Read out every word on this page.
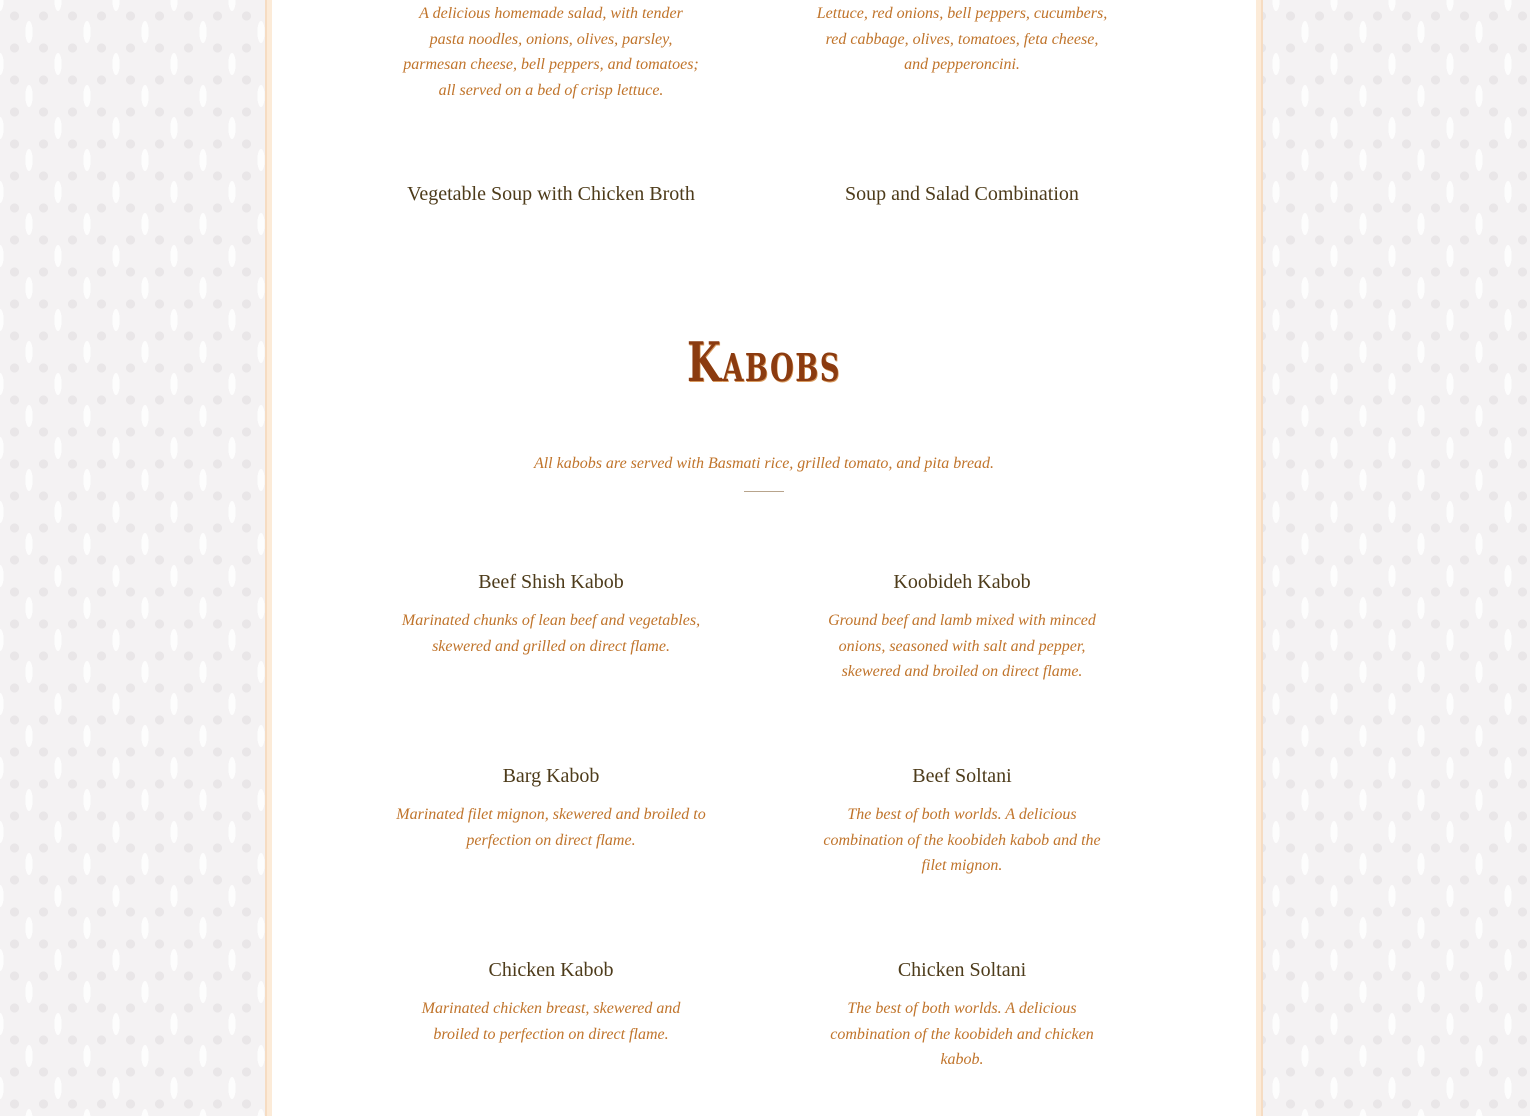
A delicious homemade salad, with tender pasta noodles, onions, olives, parsley, parmesan cheese, bell peppers, and tomatoes; all served on a bed of crisp lettuce.

Lettuce, red onions, bell peppers, cucumbers, red cabbage, olives, tomatoes, feta cheese, and pepperoncini.

Vegetable Soup with Chicken Broth	Soup and Salad Combination
Kabobs
All kabobs are served with Basmati rice, grilled tomato, and pita bread.
Beef Shish Kabob

Marinated chunks of lean beef and vegetables, skewered and grilled on direct flame.

Koobideh Kabob

Ground beef and lamb mixed with minced onions, seasoned with salt and pepper, skewered and broiled on direct flame.

Barg Kabob

Marinated filet mignon, skewered and broiled to perfection on direct flame.

Beef Soltani

The best of both worlds. A delicious combination of the koobideh kabob and the filet mignon.

Chicken Kabob

Marinated chicken breast, skewered and broiled to perfection on direct flame.

Chicken Soltani

The best of both worlds. A delicious combination of the koobideh and chicken kabob.
